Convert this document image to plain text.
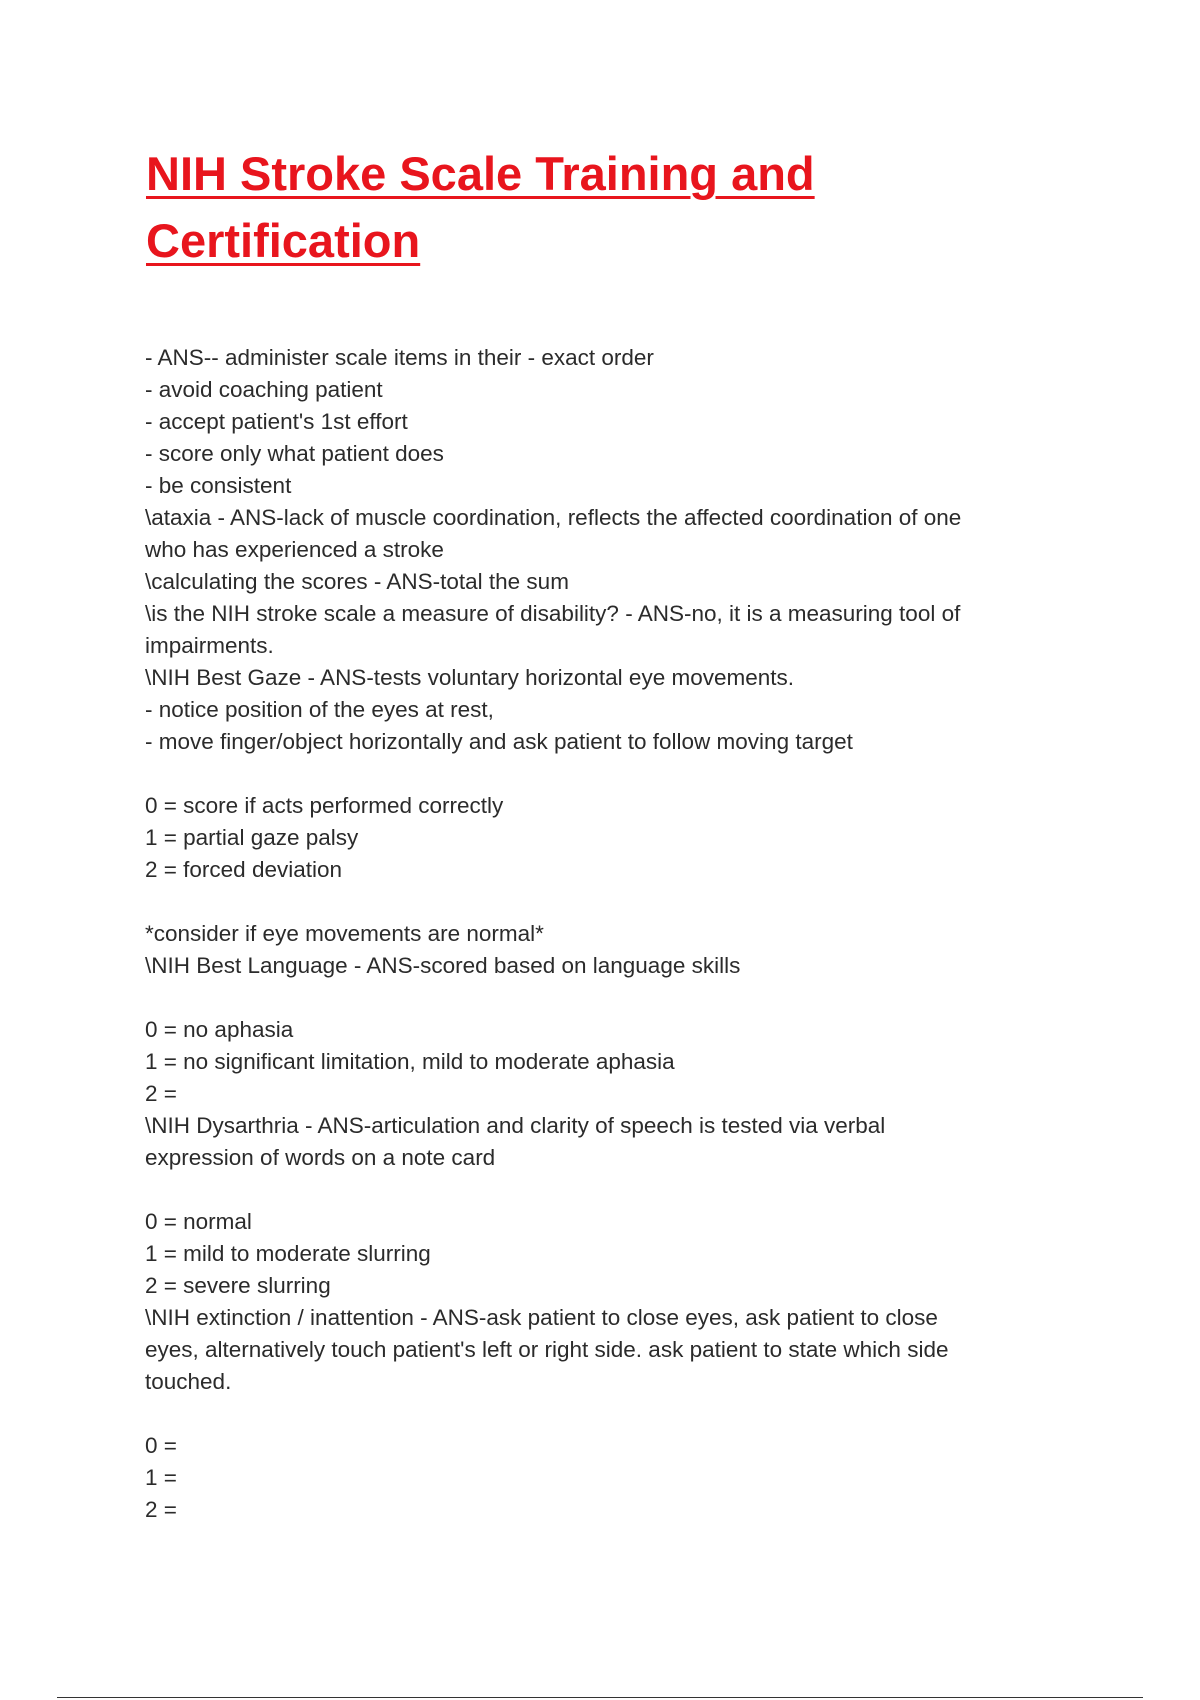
NIH Stroke Scale Training and
Certification
- ANS-- administer scale items in their - exact order
- avoid coaching patient
- accept patient's 1st effort
- score only what patient does
- be consistent
\ataxia - ANS-lack of muscle coordination, reflects the affected coordination of one
who has experienced a stroke
\calculating the scores - ANS-total the sum
\is the NIH stroke scale a measure of disability? - ANS-no, it is a measuring tool of
impairments.
\NIH Best Gaze - ANS-tests voluntary horizontal eye movements.
- notice position of the eyes at rest,
- move finger/object horizontally and ask patient to follow moving target
0 = score if acts performed correctly
1 = partial gaze palsy
2 = forced deviation
*consider if eye movements are normal*
\NIH Best Language - ANS-scored based on language skills
0 = no aphasia
1 = no significant limitation, mild to moderate aphasia
2 =
\NIH Dysarthria - ANS-articulation and clarity of speech is tested via verbal
expression of words on a note card
0 = normal
1 = mild to moderate slurring
2 = severe slurring
\NIH extinction / inattention - ANS-ask patient to close eyes, ask patient to close
eyes, alternatively touch patient's left or right side. ask patient to state which side
touched.
0 =
1 =
2 =
